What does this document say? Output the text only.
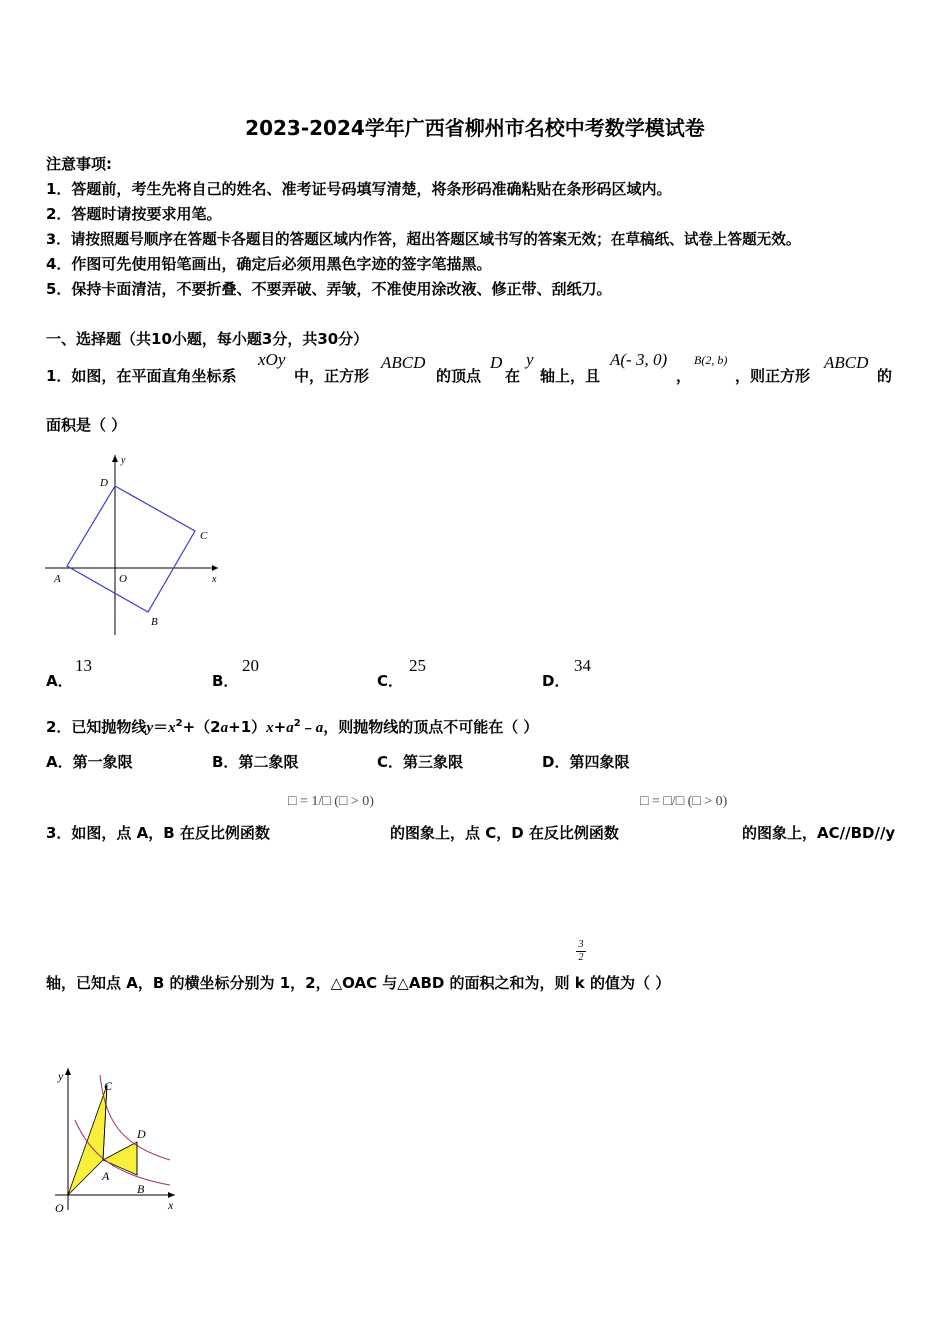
2023-2024学年广西省柳州市名校中考数学模试卷
注意事项:
1．答题前，考生先将自己的姓名、准考证号码填写清楚，将条形码准确粘贴在条形码区域内。
2．答题时请按要求用笔。
3．请按照题号顺序在答题卡各题目的答题区域内作答，超出答题区域书写的答案无效；在草稿纸、试卷上答题无效。
4．作图可先使用铅笔画出，确定后必须用黑色字迹的签字笔描黑。
5．保持卡面清洁，不要折叠、不要弄破、弄皱，不准使用涂改液、修正带、刮纸刀。
一、选择题（共10小题，每小题3分，共30分）
1．如图，在平面直角坐标系
xOy
中，正方形
ABCD
的顶点
D
在
y
轴上，且
A(- 3, 0)
，
B(2, b)
，则正方形
ABCD
的
面积是（ ）
D
C
A	O
B
x
y
A．
13
B．
20
C．
25
D．
34
2．已知抛物线$y=x^2+(2a+1)x+a^2﹣a$，则抛物线的顶点不可能在（ ）
A．第一象限	B．第二象限	C．第三象限	D．第四象限
□ = 1/□ (□ > 0)	□ = □/□ (□ > 0)
3．如图，点 A，B 在反比例函数	的图象上，点 C，D 在反比例函数	的图象上，AC//BD//y
3
2
轴，已知点 A，B 的横坐标分别为 1，2，△OAC 与△ABD 的面积之和为，则 k 的值为（ ）
y
C
D
A
B
O	x
